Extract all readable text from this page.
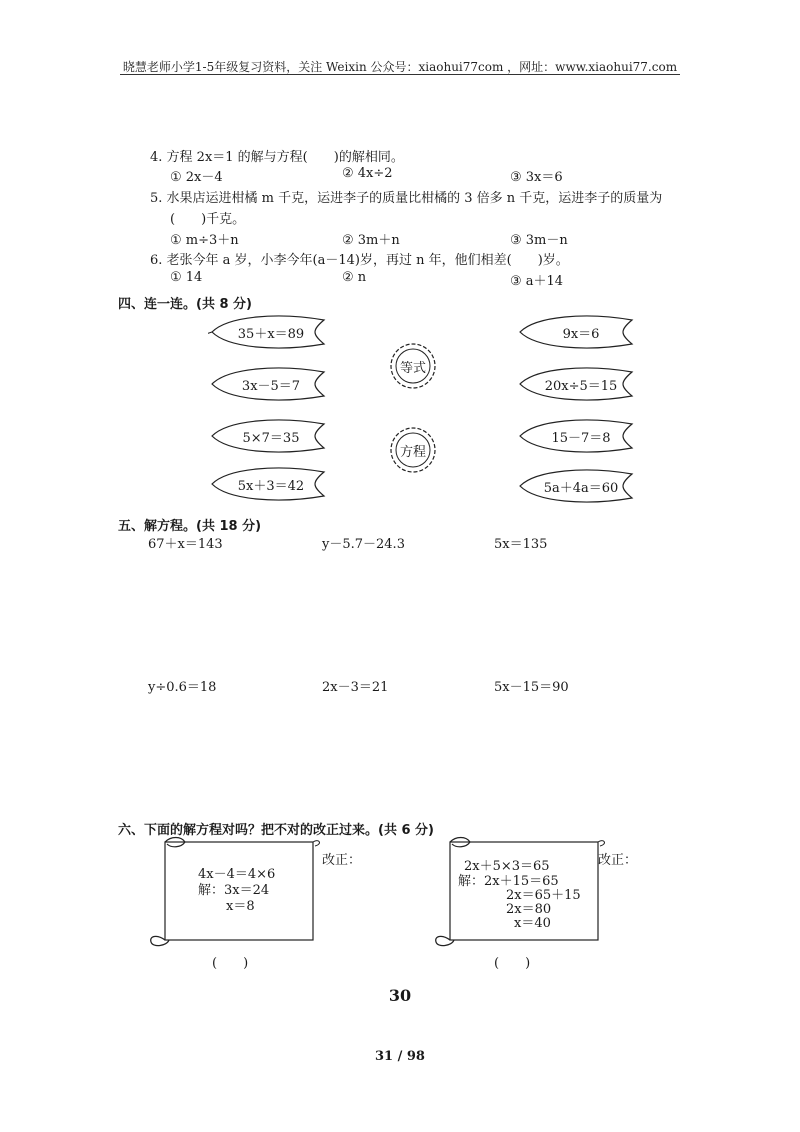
晓慧老师小学1-5年级复习资料，关注 Weixin 公众号：xiaohui77com ，网址：www.xiaohui77.com
4. 方程 2x＝1 的解与方程(　　)的解相同。
① 2x－4	② 4x÷2	③ 3x＝6
5. 水果店运进柑橘 m 千克，运进李子的质量比柑橘的 3 倍多 n 千克，运进李子的质量为
(　　)千克。
① m÷3＋n	② 3m＋n	③ 3m－n
6. 老张今年 a 岁，小李今年(a－14)岁，再过 n 年，他们相差(　　)岁。
① 14	② n	③ a＋14
四、连一连。(共 8 分)
35＋x＝89
3x－5＝7
5×7＝35
5x＋3＝42
等式
方程
9x＝6
20x÷5＝15
15－7＝8
5a＋4a＝60
五、解方程。(共 18 分)
67＋x＝143	y－5.7－24.3	5x＝135
y÷0.6＝18	2x－3＝21	5x－15＝90
六、下面的解方程对吗？把不对的改正过来。(共 6 分)
4x－4＝4×6
解：3x＝24
x＝8
改正：
(　　)
2x＋5×3＝65
解：2x＋15＝65
2x＝65＋15
2x＝80
x＝40
改正：
(　　)
30
31 / 98
